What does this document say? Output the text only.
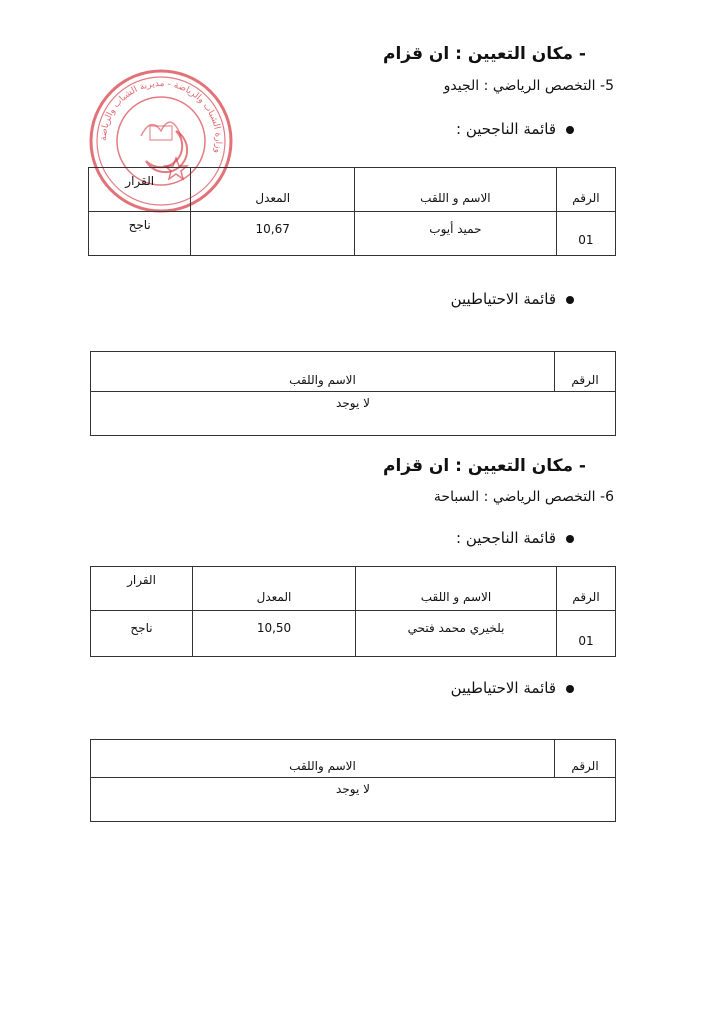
وزارة الشباب والرياضة - مديرية الشباب والرياضة
- مكان التعيين : ان قزام
5- التخصص الرياضي : الجيدو
قائمة الناجحين :
الرقم	الاسم و اللقب	المعدل	القرار
01	حميد أيوب	10,67	ناجح
قائمة الاحتياطيين
الرقم	الاسم واللقب
لا يوجد
- مكان التعيين : ان قزام
6- التخصص الرياضي : السباحة
قائمة الناجحين :
الرقم	الاسم و اللقب	المعدل	القرار
01	بلخيري محمد فتحي	10,50	ناجح
قائمة الاحتياطيين
الرقم	الاسم واللقب
لا يوجد
